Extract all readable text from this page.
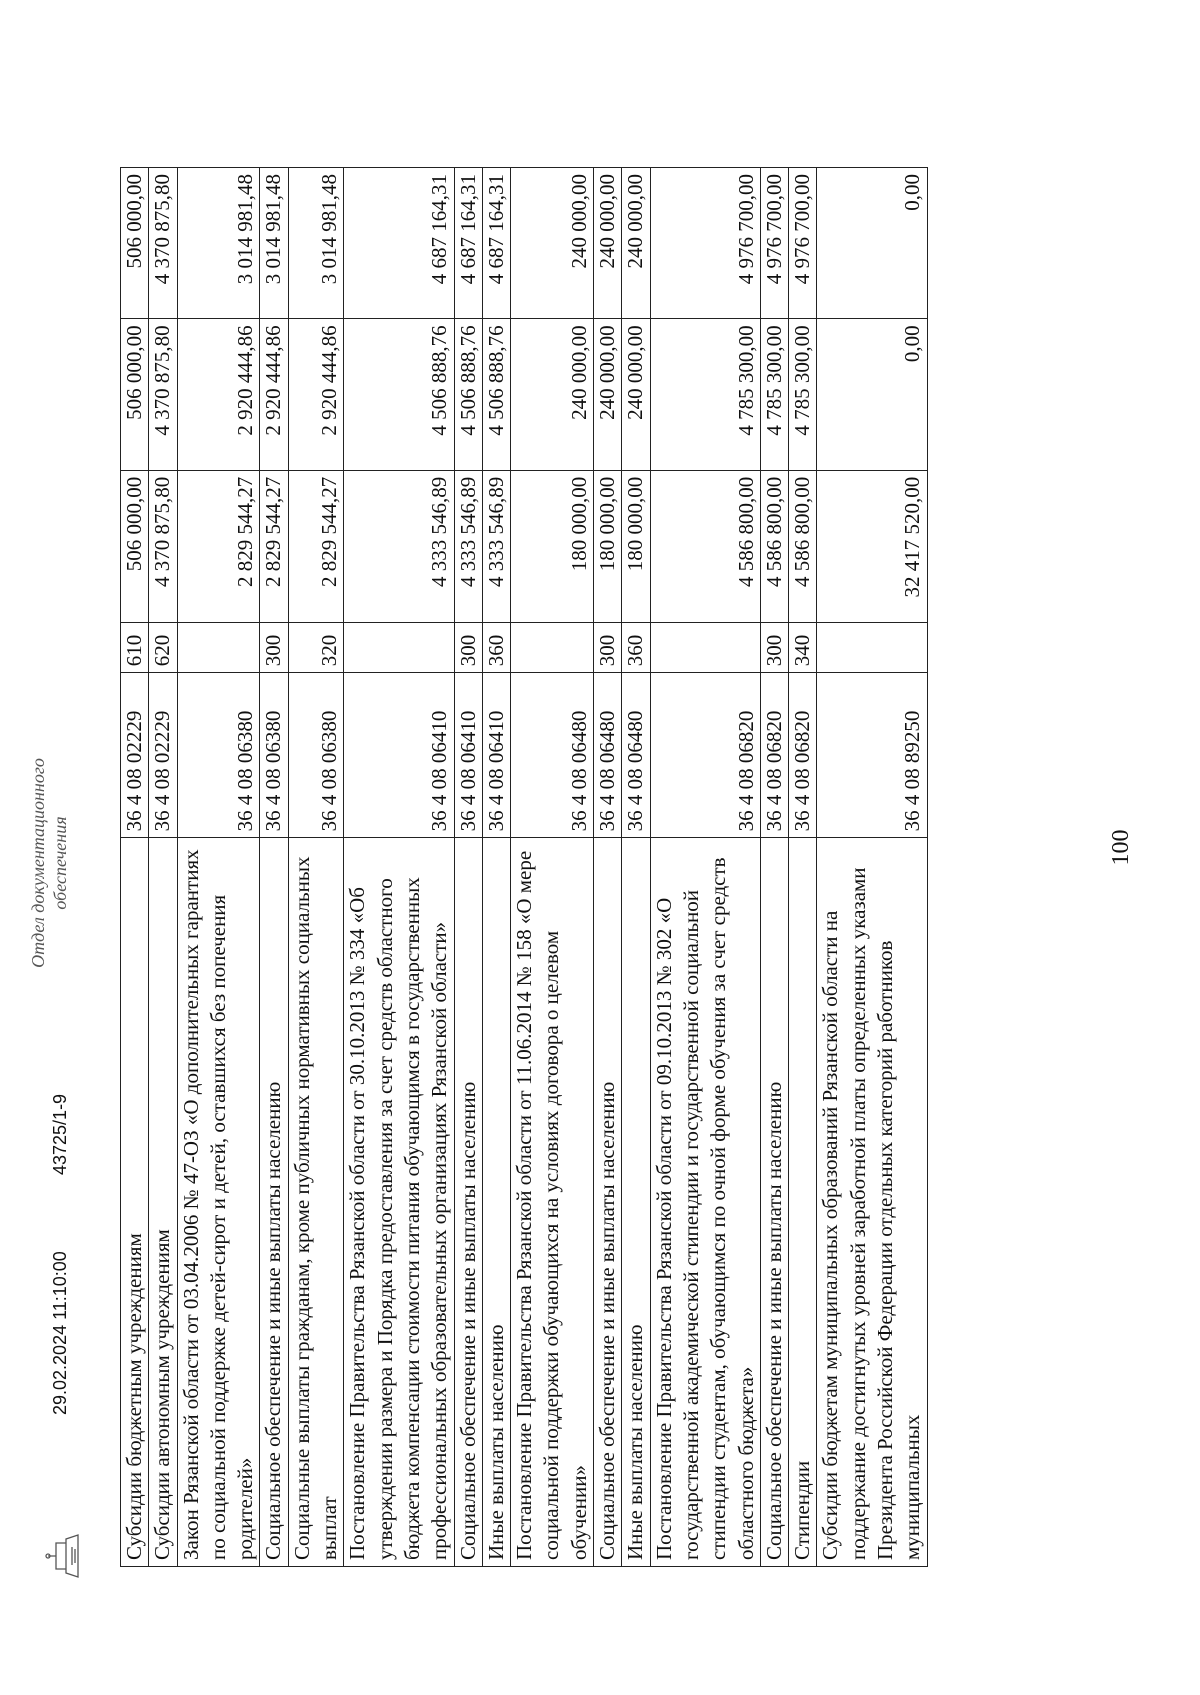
100
Субсидии бюджетным учреждениям	36 4 08 02229	610	506 000,00	506 000,00	506 000,00
Субсидии автономным учреждениям	36 4 08 02229	620	4 370 875,80	4 370 875,80	4 370 875,80
Закон Рязанской области от 03.04.2006 № 47-ОЗ «О дополнительных гарантиях по социальной поддержке детей-сирот и детей, оставшихся без попечения родителей»	36 4 08 06380		2 829 544,27	2 920 444,86	3 014 981,48
Социальное обеспечение и иные выплаты населению	36 4 08 06380	300	2 829 544,27	2 920 444,86	3 014 981,48
Социальные выплаты гражданам, кроме публичных нормативных социальных выплат	36 4 08 06380	320	2 829 544,27	2 920 444,86	3 014 981,48
Постановление Правительства Рязанской области от 30.10.2013 № 334 «Об утверждении размера и Порядка предоставления за счет средств областного бюджета компенсации стоимости питания обучающимся в государственных профессиональных образовательных организациях Рязанской области»	36 4 08 06410		4 333 546,89	4 506 888,76	4 687 164,31
Социальное обеспечение и иные выплаты населению	36 4 08 06410	300	4 333 546,89	4 506 888,76	4 687 164,31
Иные выплаты населению	36 4 08 06410	360	4 333 546,89	4 506 888,76	4 687 164,31
Постановление Правительства Рязанской области от 11.06.2014 № 158 «О мере социальной поддержки обучающихся на условиях договора о целевом обучении»	36 4 08 06480		180 000,00	240 000,00	240 000,00
Социальное обеспечение и иные выплаты населению	36 4 08 06480	300	180 000,00	240 000,00	240 000,00
Иные выплаты населению	36 4 08 06480	360	180 000,00	240 000,00	240 000,00
Постановление Правительства Рязанской области от 09.10.2013 № 302 «О государственной академической стипендии и государственной социальной стипендии студентам, обучающимся по очной форме обучения за счет средств областного бюджета»	36 4 08 06820		4 586 800,00	4 785 300,00	4 976 700,00
Социальное обеспечение и иные выплаты населению	36 4 08 06820	300	4 586 800,00	4 785 300,00	4 976 700,00
Стипендии	36 4 08 06820	340	4 586 800,00	4 785 300,00	4 976 700,00
Субсидии бюджетам муниципальных образований Рязанской области на поддержание достигнутых уровней заработной платы определенных указами Президента Российской Федерации отдельных категорий работников муниципальных	36 4 08 89250		32 417 520,00	0,00	0,00
29.02.2024 11:10:00
43725/1-9
Отдел документационного обеспечения
